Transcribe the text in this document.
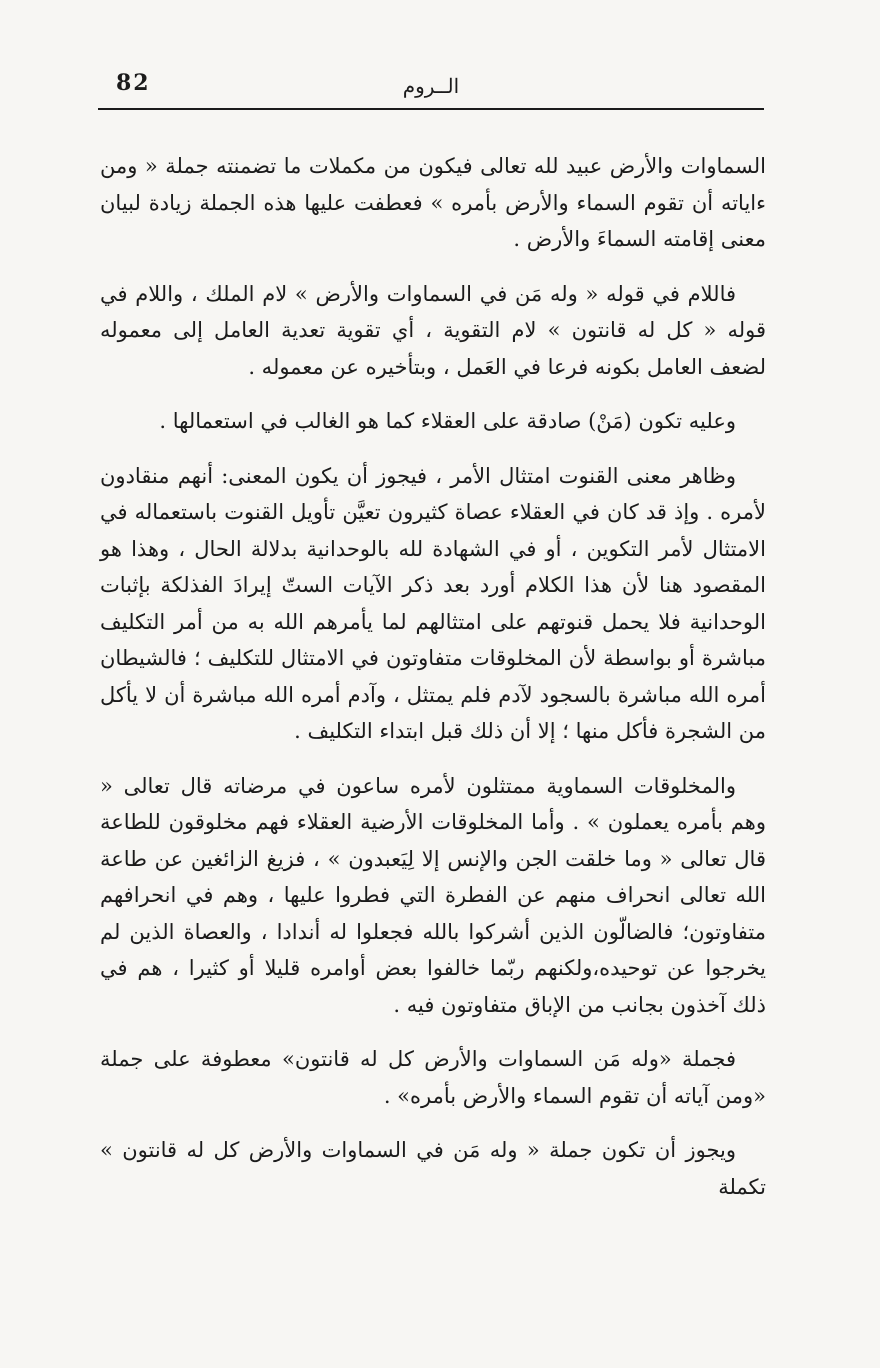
82	الــروم

السماوات والأرض عبيد لله تعالى فيكون من مكملات ما تضمنته جملة « ومن ءاياته أن تقوم السماء والأرض بأمره » فعطفت عليها هذه الجملة زيادة لبيان معنى إقامته السماءَ والأرض .

فاللام في قوله « وله مَن في السماوات والأرض » لام الملك ، واللام في قوله « كل له قانتون » لام التقوية ، أي تقوية تعدية العامل إلى معموله لضعف العامل بكونه فرعا في العَمل ، وبتأخيره عن معموله .

وعليه تكون (مَنْ) صادقة على العقلاء كما هو الغالب في استعمالها .

وظاهر معنى القنوت امتثال الأمر ، فيجوز أن يكون المعنى: أنهم منقادون لأمره . وإذ قد كان في العقلاء عصاة كثيرون تعيَّن تأويل القنوت باستعماله في الامتثال لأمر التكوين ، أو في الشهادة لله بالوحدانية بدلالة الحال ، وهذا هو المقصود هنا لأن هذا الكلام أورد بعد ذكر الآيات الستّ إيرادَ الفذلكة بإثبات الوحدانية فلا يحمل قنوتهم على امتثالهم لما يأمرهم الله به من أمر التكليف مباشرة أو بواسطة لأن المخلوقات متفاوتون في الامتثال للتكليف ؛ فالشيطان أمره الله مباشرة بالسجود لآدم فلم يمتثل ، وآدم أمره الله مباشرة أن لا يأكل من الشجرة فأكل منها ؛ إلا أن ذلك قبل ابتداء التكليف .

والمخلوقات السماوية ممتثلون لأمره ساعون في مرضاته قال تعالى « وهم بأمره يعملون » . وأما المخلوقات الأرضية العقلاء فهم مخلوقون للطاعة قال تعالى « وما خلقت الجن والإنس إلا لِيَعبدون » ، فزيغ الزائغين عن طاعة الله تعالى انحراف منهم عن الفطرة التي فطروا عليها ، وهم في انحرافهم متفاوتون؛ فالضالّون الذين أشركوا بالله فجعلوا له أندادا ، والعصاة الذين لم يخرجوا عن توحيده،ولكنهم ربّما خالفوا بعض أوامره قليلا أو كثيرا ، هم في ذلك آخذون بجانب من الإباق متفاوتون فيه .

فجملة «وله مَن السماوات والأرض كل له قانتون» معطوفة على جملة «ومن آياته أن تقوم السماء والأرض بأمره» .

ويجوز أن تكون جملة « وله مَن في السماوات والأرض كل له قانتون » تكملة
